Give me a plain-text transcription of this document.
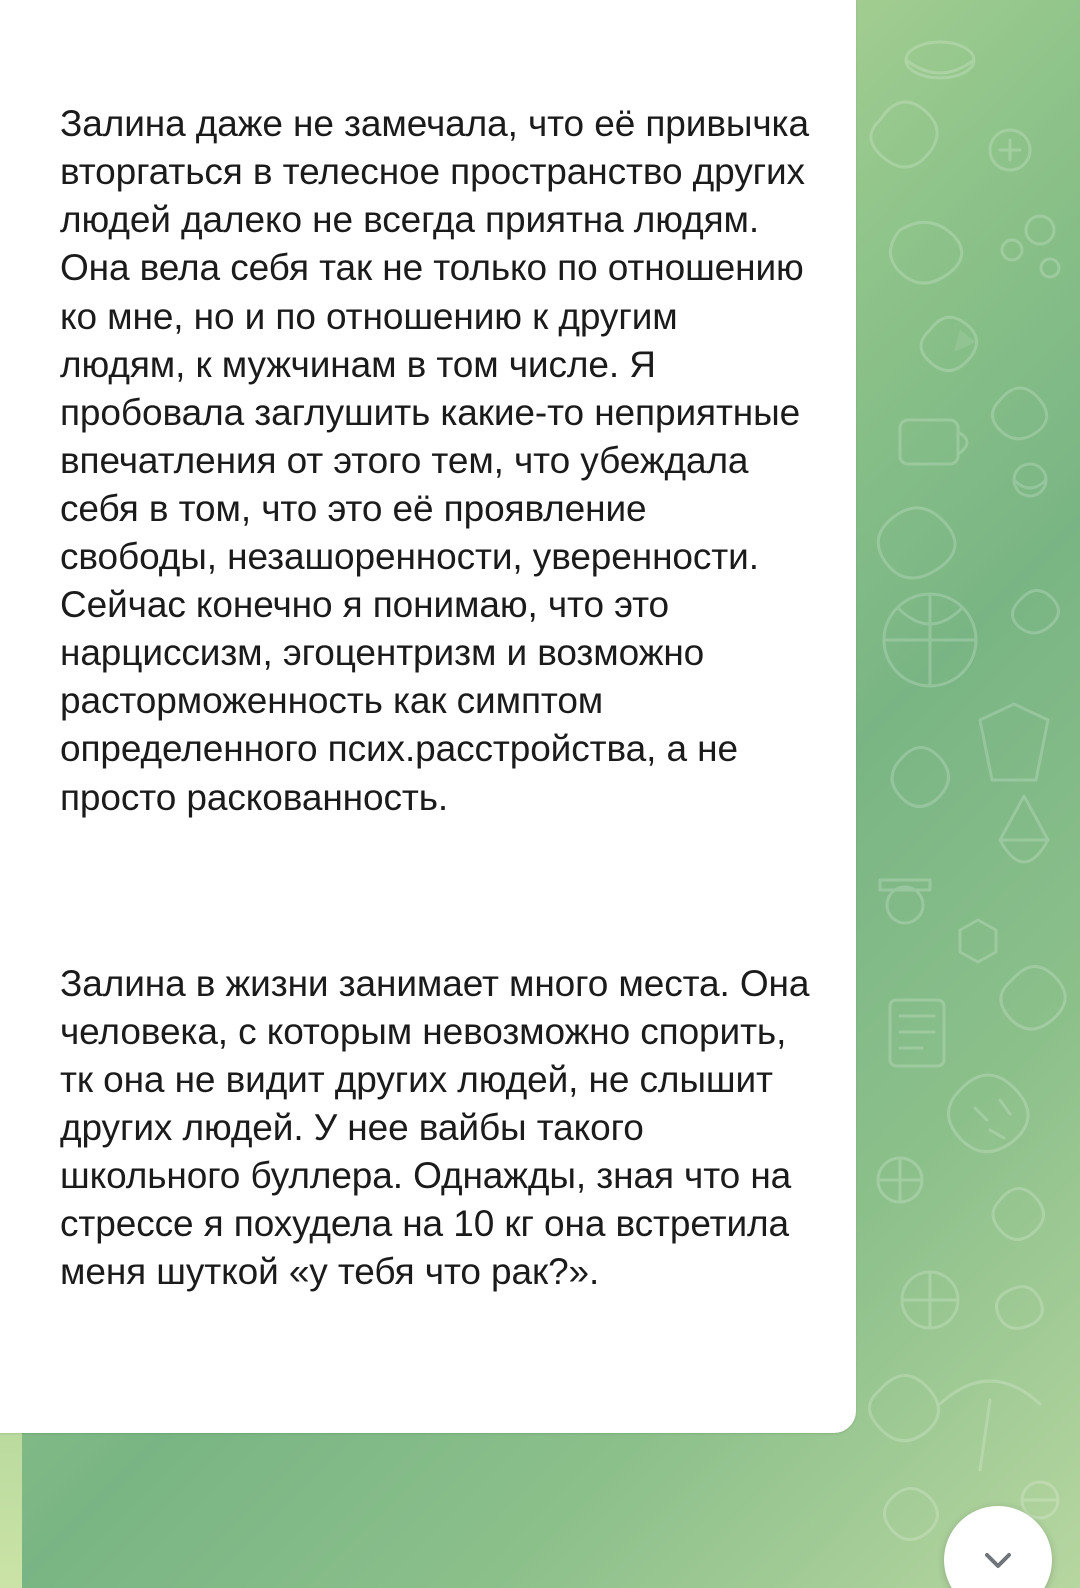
Залина даже не замечала, что её привычка вторгаться в телесное пространство других людей далеко не всегда приятна людям. Она вела себя так не только по отношению ко мне, но и по отношению к другим людям, к мужчинам в том числе. Я пробовала заглушить какие-то неприятные впечатления от этого тем, что убеждала себя в том, что это её проявление свободы, незашоренности, уверенности. Сейчас конечно я понимаю, что это нарциссизм, эгоцентризм и возможно расторможенность как симптом определенного псих.расстройства, а не просто раскованность.

Залина в жизни занимает много места. Она человека, с которым невозможно спорить, тк она не видит других людей, не слышит других людей. У нее вайбы такого школьного буллера. Однажды, зная что на стрессе я похудела на 10 кг она встретила меня шуткой «у тебя что рак?».
